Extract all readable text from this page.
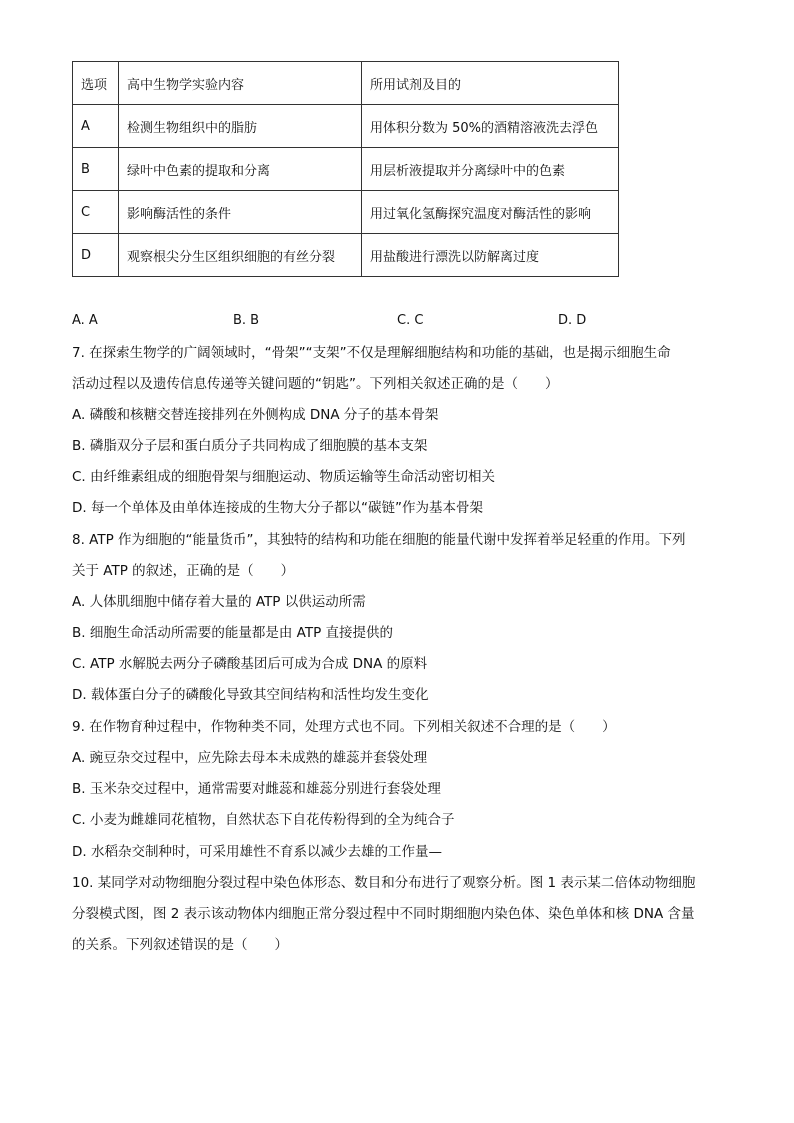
选项	高中生物学实验内容	所用试剂及目的
A	检测生物组织中的脂肪	用体积分数为 50%的酒精溶液洗去浮色
B	绿叶中色素的提取和分离	用层析液提取并分离绿叶中的色素
C	影响酶活性的条件	用过氧化氢酶探究温度对酶活性的影响
D	观察根尖分生区组织细胞的有丝分裂	用盐酸进行漂洗以防解离过度
A. A	B. B	C. C	D. D
7. 在探索生物学的广阔领域时，“骨架”“支架”不仅是理解细胞结构和功能的基础，也是揭示细胞生命
活动过程以及遗传信息传递等关键问题的“钥匙”。下列相关叙述正确的是（　　）
A. 磷酸和核糖交替连接排列在外侧构成 DNA 分子的基本骨架
B. 磷脂双分子层和蛋白质分子共同构成了细胞膜的基本支架
C. 由纤维素组成的细胞骨架与细胞运动、物质运输等生命活动密切相关
D. 每一个单体及由单体连接成的生物大分子都以“碳链”作为基本骨架
8. ATP 作为细胞的“能量货币”，其独特的结构和功能在细胞的能量代谢中发挥着举足轻重的作用。下列
关于 ATP 的叙述，正确的是（　　）
A. 人体肌细胞中储存着大量的 ATP 以供运动所需
B. 细胞生命活动所需要的能量都是由 ATP 直接提供的
C. ATP 水解脱去两分子磷酸基团后可成为合成 DNA 的原料
D. 载体蛋白分子的磷酸化导致其空间结构和活性均发生变化
9. 在作物育种过程中，作物种类不同，处理方式也不同。下列相关叙述不合理的是（　　）
A. 豌豆杂交过程中，应先除去母本未成熟的雄蕊并套袋处理
B. 玉米杂交过程中，通常需要对雌蕊和雄蕊分别进行套袋处理
C. 小麦为雌雄同花植物，自然状态下自花传粉得到的全为纯合子
D. 水稻杂交制种时，可采用雄性不育系以减少去雄的工作量—
10. 某同学对动物细胞分裂过程中染色体形态、数目和分布进行了观察分析。图 1 表示某二倍体动物细胞
分裂模式图，图 2 表示该动物体内细胞正常分裂过程中不同时期细胞内染色体、染色单体和核 DNA 含量
的关系。下列叙述错误的是（　　）
